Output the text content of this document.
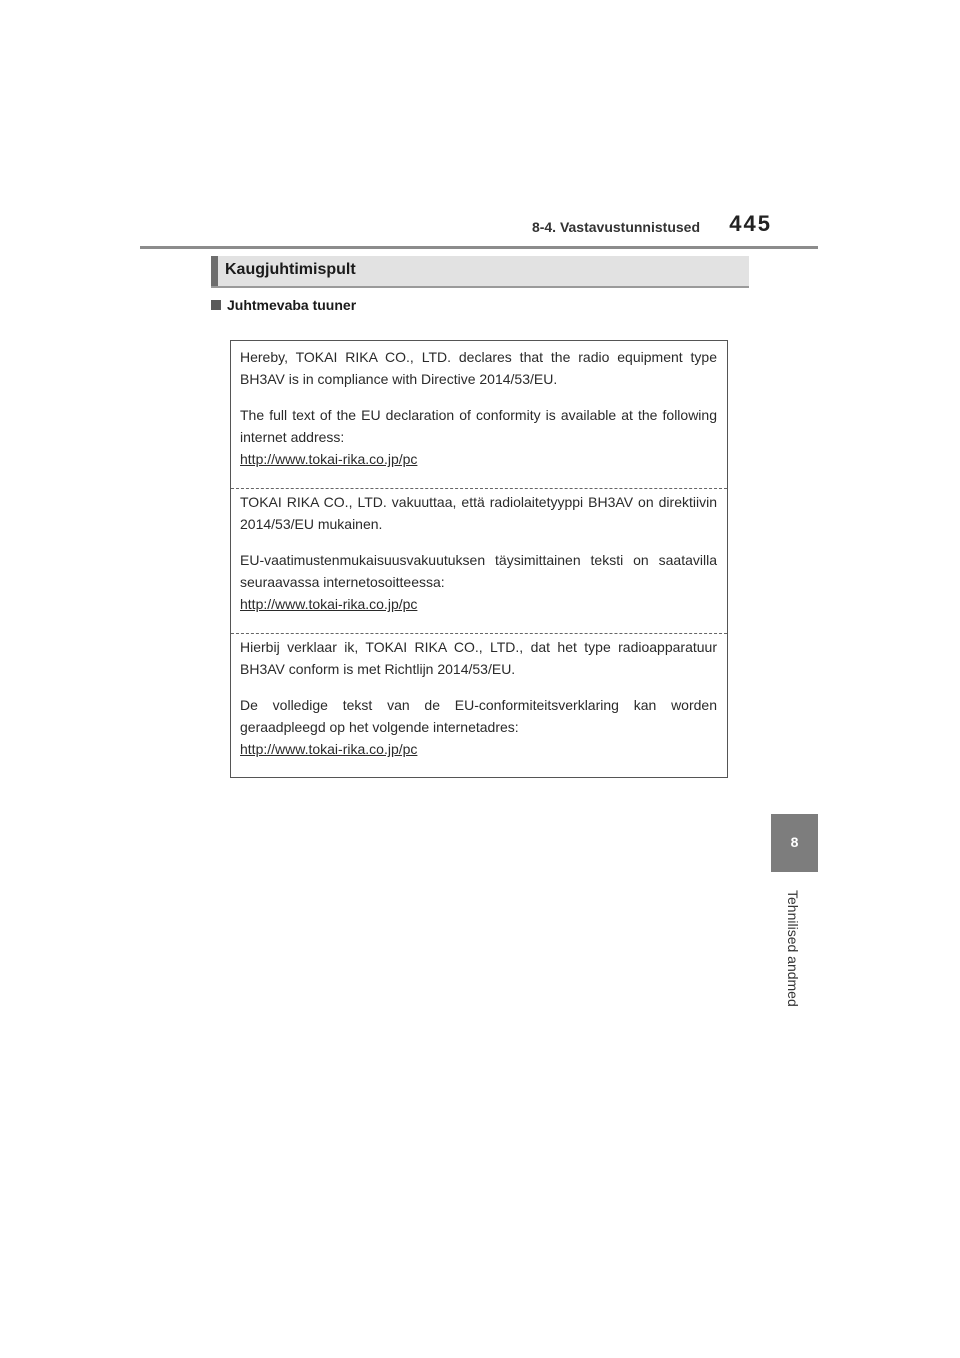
8-4. Vastavustunnistused 445
Kaugjuhtimispult
Juhtmevaba tuuner

Hereby, TOKAI RIKA CO., LTD. declares that the radio equipment type BH3AV is in compliance with Directive 2014/53/EU.

The full text of the EU declaration of conformity is available at the following internet address:

http://www.tokai-rika.co.jp/pc

TOKAI RIKA CO., LTD. vakuuttaa, että radiolaitetyyppi BH3AV on direktiivin 2014/53/EU mukainen.

EU-vaatimustenmukaisuusvakuutuksen täysimittainen teksti on saatavilla seuraavassa internetosoitteessa:

http://www.tokai-rika.co.jp/pc

Hierbij verklaar ik, TOKAI RIKA CO., LTD., dat het type radioapparatuur BH3AV conform is met Richtlijn 2014/53/EU.

De volledige tekst van de EU-conformiteitsverklaring kan worden geraadpleegd op het volgende internetadres:

http://www.tokai-rika.co.jp/pc
8
Tehnilised andmed
